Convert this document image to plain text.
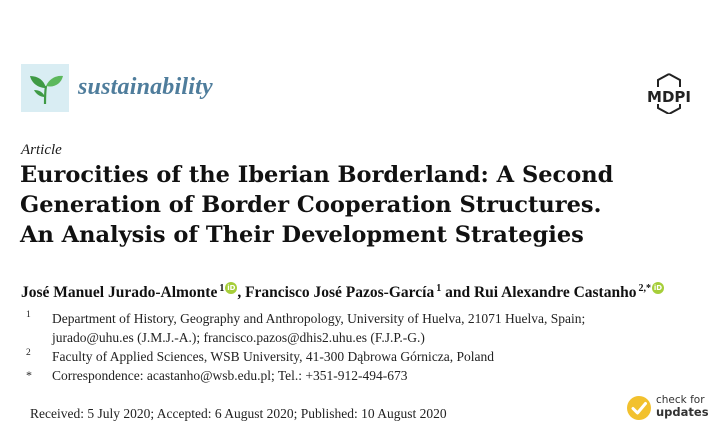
sustainability	MDPI
Article
Eurocities of the Iberian Borderland: A Second
Generation of Border Cooperation Structures.
An Analysis of Their Development Strategies
José Manuel Jurado-Almonte $^1$ iD , Francisco José Pazos-García $^1$ and Rui Alexandre Castanho $^{2,*}$ iD
1 Department of History, Geography and Anthropology, University of Huelva, 21071 Huelva, Spain;
jurado@uhu.es (J.M.J.-A.); francisco.pazos@dhis2.uhu.es (F.J.P.-G.)
2 Faculty of Applied Sciences, WSB University, 41-300 Dąbrowa Górnicza, Poland
* Correspondence: acastanho@wsb.edu.pl; Tel.: +351-912-494-673
Received: 5 July 2020; Accepted: 6 August 2020; Published: 10 August 2020
check for
updates
